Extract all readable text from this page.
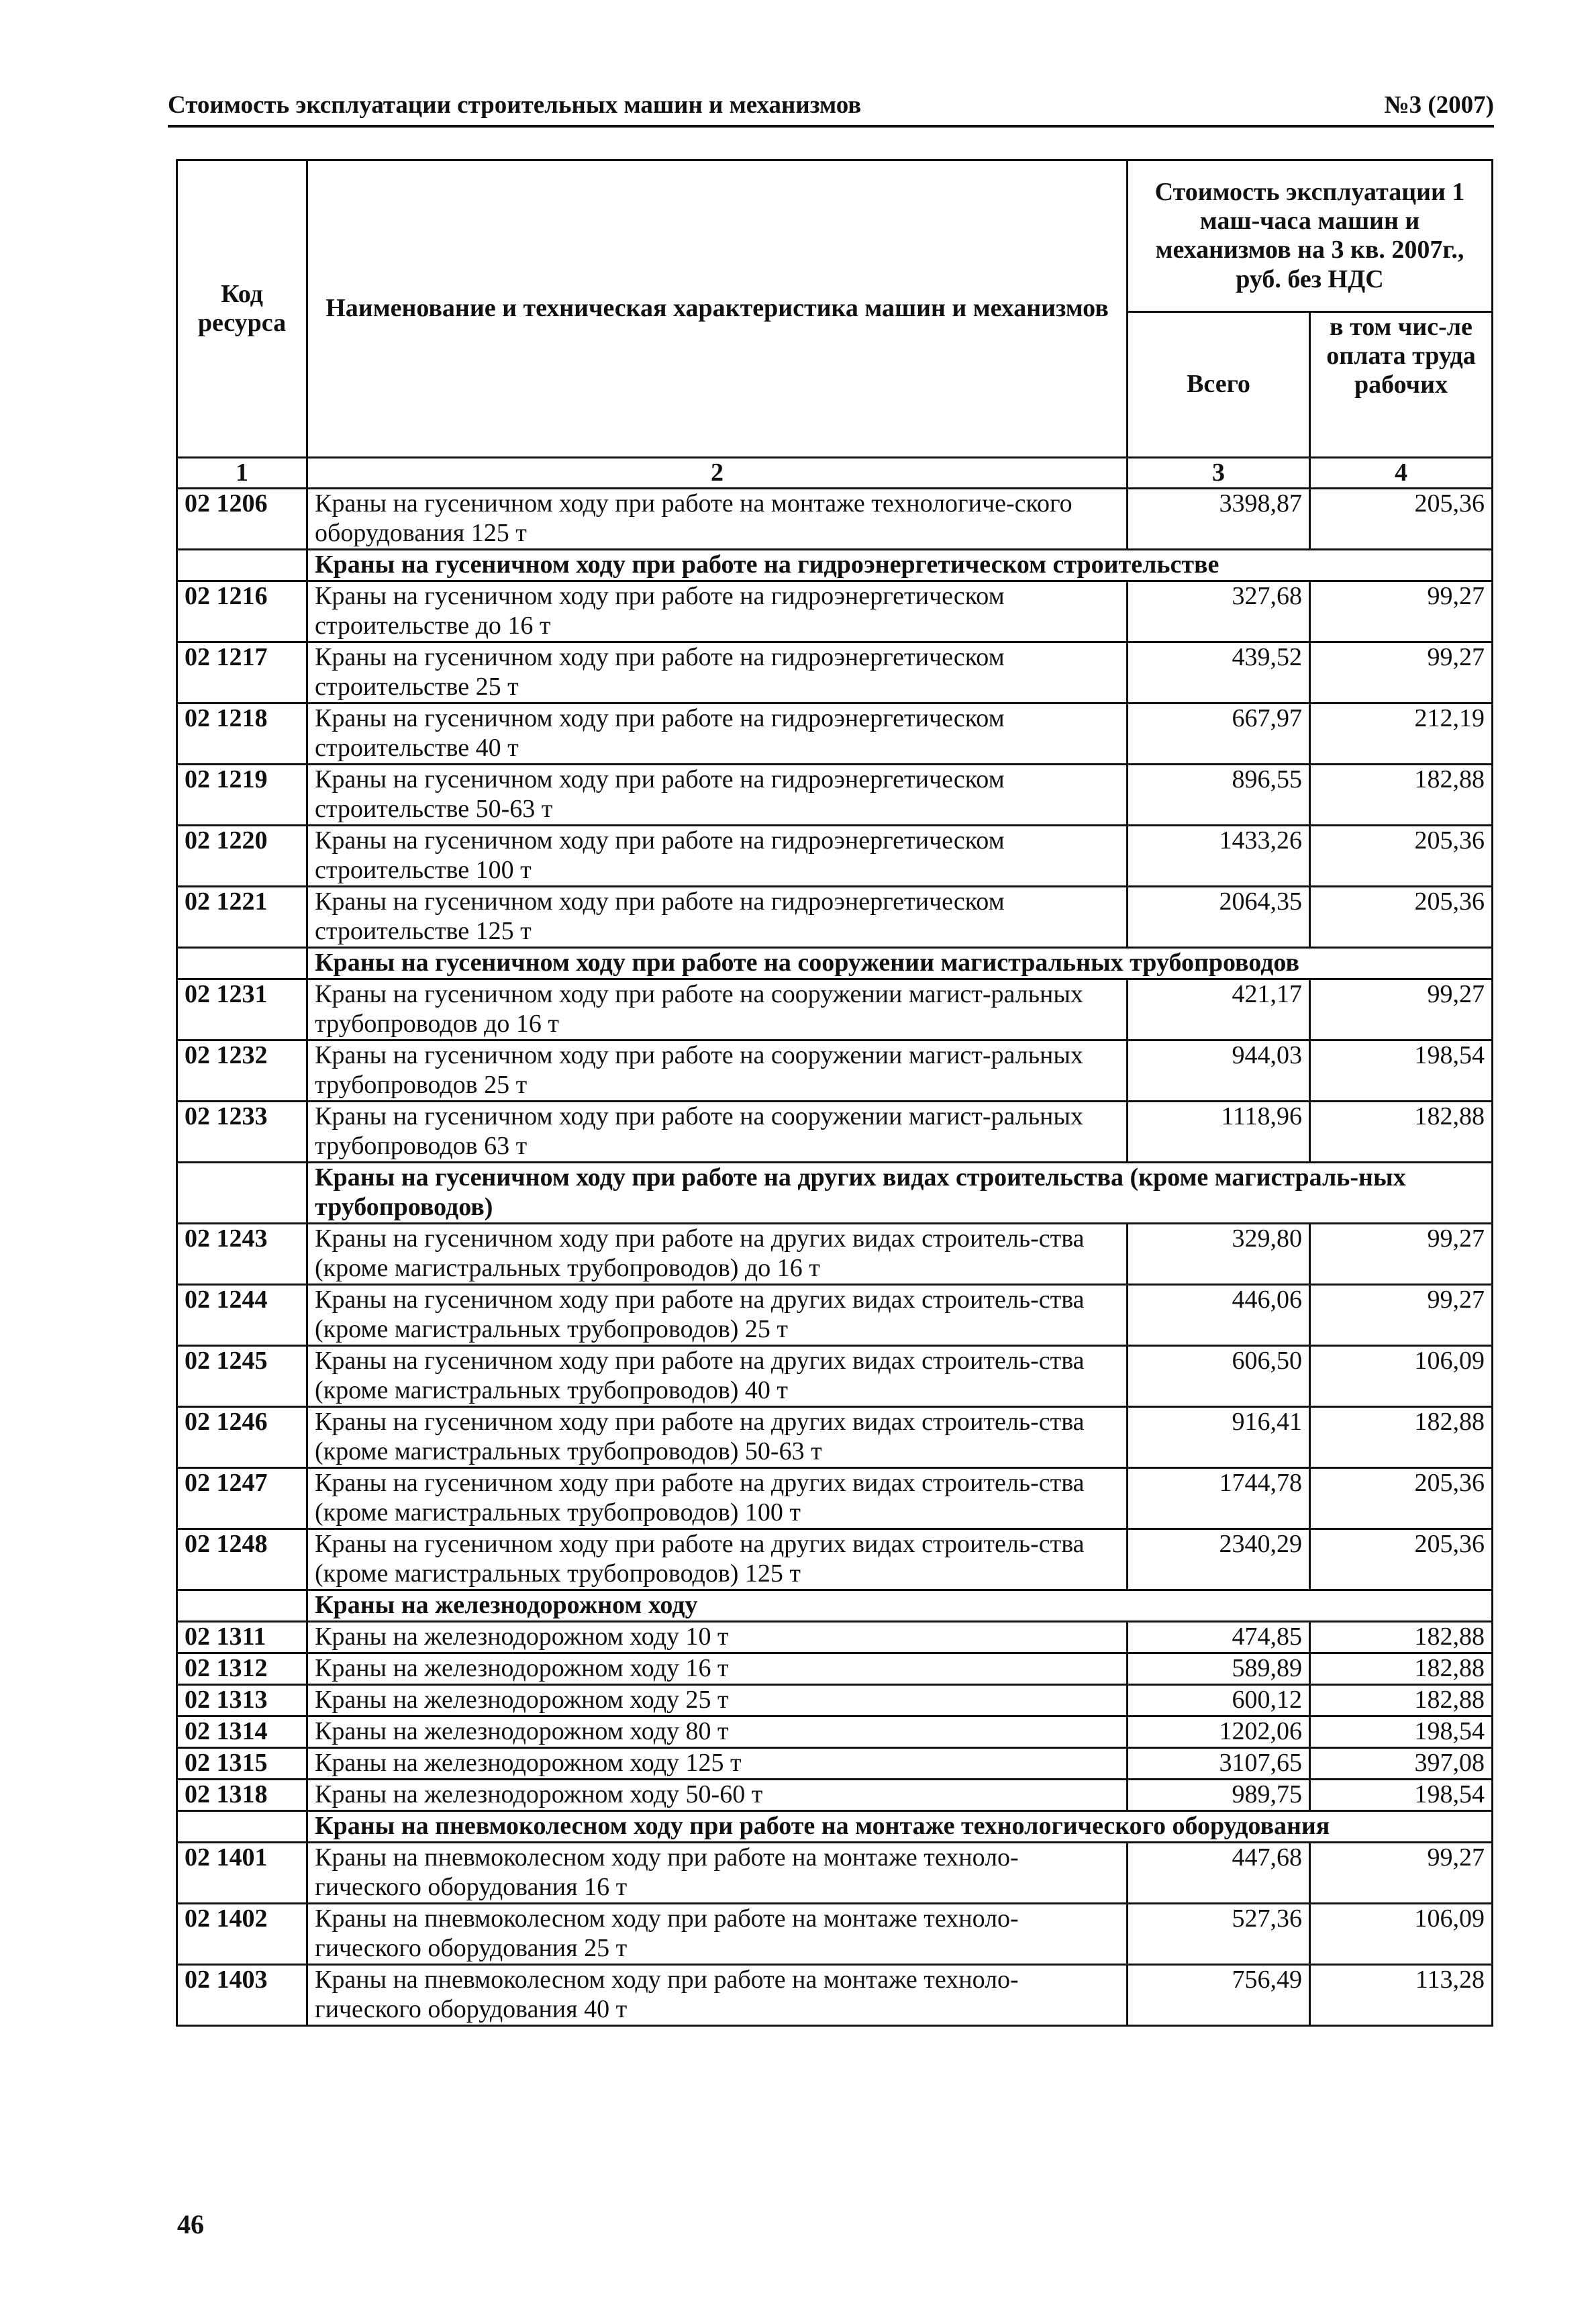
Стоимость эксплуатации строительных машин и механизмов	№3 (2007)
Код ресурса	Наименование и техническая характеристика машин и механизмов	Стоимость эксплуатации 1 маш-часа машин и механизмов на 3 кв. 2007г., руб. без НДС	
		Всего	в том чис-ле оплата труда рабочих
1	2	3	4
02 1206	Краны на гусеничном ходу при работе на монтаже технологиче-ского оборудования 125 т	3398,87	205,36
	Краны на гусеничном ходу при работе на гидроэнергетическом строительстве		
02 1216	Краны на гусеничном ходу при работе на гидроэнергетическом строительстве до 16 т	327,68	99,27
02 1217	Краны на гусеничном ходу при работе на гидроэнергетическом строительстве 25 т	439,52	99,27
02 1218	Краны на гусеничном ходу при работе на гидроэнергетическом строительстве 40 т	667,97	212,19
02 1219	Краны на гусеничном ходу при работе на гидроэнергетическом строительстве 50-63 т	896,55	182,88
02 1220	Краны на гусеничном ходу при работе на гидроэнергетическом строительстве 100 т	1433,26	205,36
02 1221	Краны на гусеничном ходу при работе на гидроэнергетическом строительстве 125 т	2064,35	205,36
	Краны на гусеничном ходу при работе на сооружении магистральных трубопроводов		
02 1231	Краны на гусеничном ходу при работе на сооружении магист-ральных трубопроводов до 16 т	421,17	99,27
02 1232	Краны на гусеничном ходу при работе на сооружении магист-ральных трубопроводов 25 т	944,03	198,54
02 1233	Краны на гусеничном ходу при работе на сооружении магист-ральных трубопроводов 63 т	1118,96	182,88
	Краны на гусеничном ходу при работе на других видах строительства (кроме магистраль-ных трубопроводов)		
02 1243	Краны на гусеничном ходу при работе на других видах строитель-ства (кроме магистральных трубопроводов) до 16 т	329,80	99,27
02 1244	Краны на гусеничном ходу при работе на других видах строитель-ства (кроме магистральных трубопроводов) 25 т	446,06	99,27
02 1245	Краны на гусеничном ходу при работе на других видах строитель-ства (кроме магистральных трубопроводов) 40 т	606,50	106,09
02 1246	Краны на гусеничном ходу при работе на других видах строитель-ства (кроме магистральных трубопроводов) 50-63 т	916,41	182,88
02 1247	Краны на гусеничном ходу при работе на других видах строитель-ства (кроме магистральных трубопроводов) 100 т	1744,78	205,36
02 1248	Краны на гусеничном ходу при работе на других видах строитель-ства (кроме магистральных трубопроводов) 125 т	2340,29	205,36
	Краны на железнодорожном ходу		
02 1311	Краны на железнодорожном ходу 10 т	474,85	182,88
02 1312	Краны на железнодорожном ходу 16 т	589,89	182,88
02 1313	Краны на железнодорожном ходу 25 т	600,12	182,88
02 1314	Краны на железнодорожном ходу 80 т	1202,06	198,54
02 1315	Краны на железнодорожном ходу 125 т	3107,65	397,08
02 1318	Краны на железнодорожном ходу 50-60 т	989,75	198,54
	Краны на пневмоколесном ходу при работе на монтаже технологического оборудования		
02 1401	Краны на пневмоколесном ходу при работе на монтаже техноло-гического оборудования 16 т	447,68	99,27
02 1402	Краны на пневмоколесном ходу при работе на монтаже техноло-гического оборудования 25 т	527,36	106,09
02 1403	Краны на пневмоколесном ходу при работе на монтаже техноло-гического оборудования 40 т	756,49	113,28
46
